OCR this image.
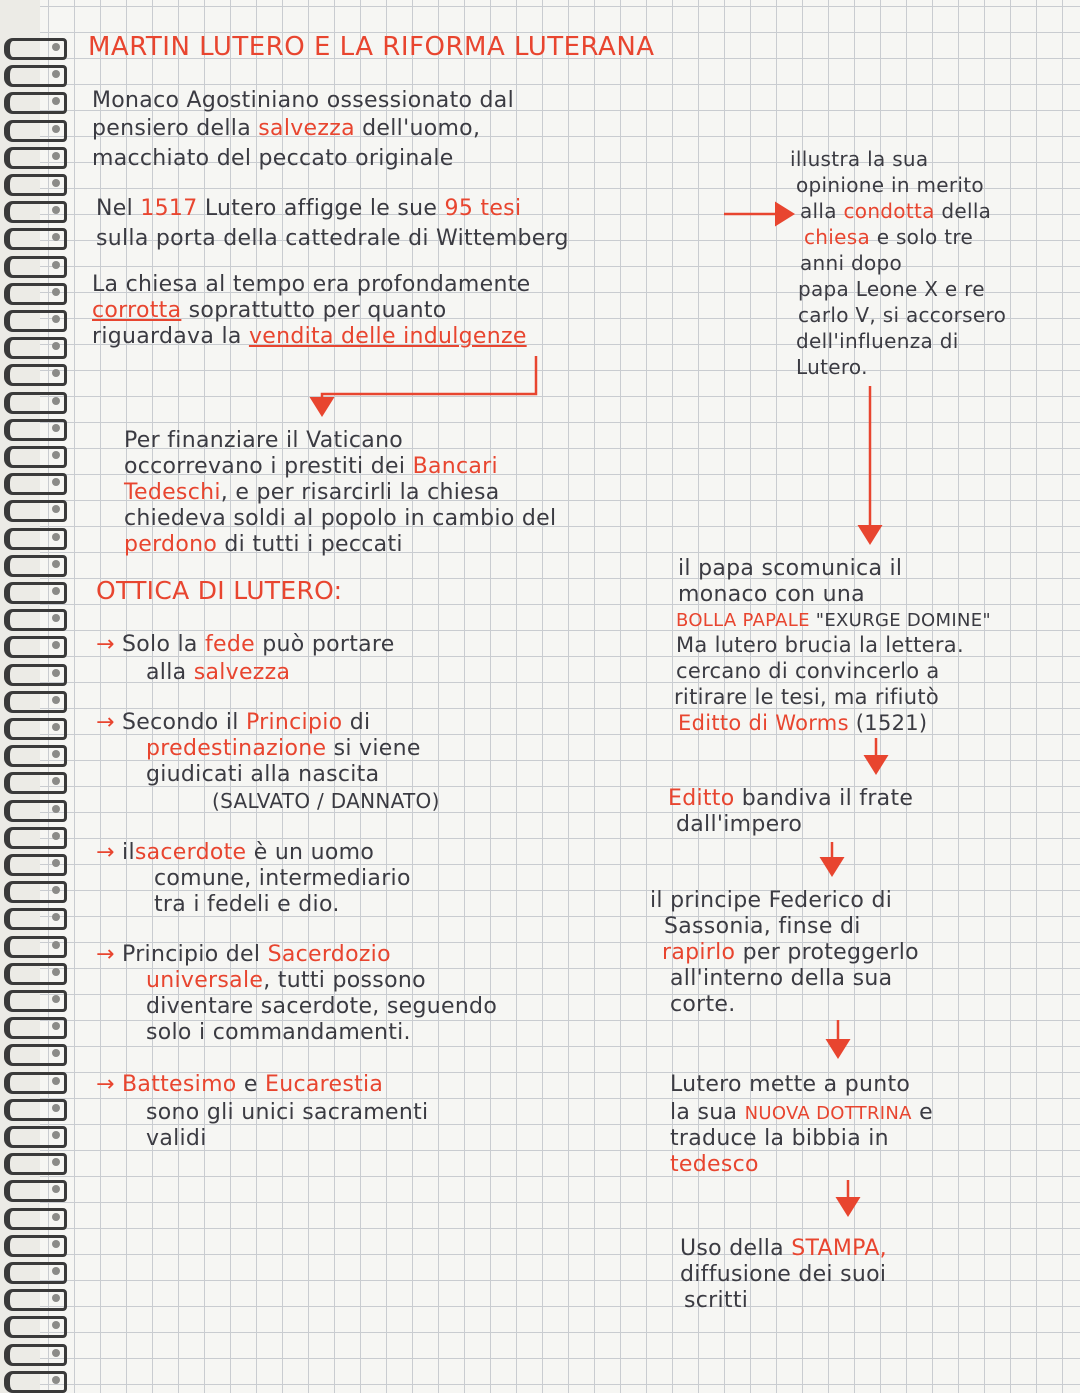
MARTIN LUTERO E LA RIFORMA LUTERANA
Monaco Agostiniano ossessionato dal
pensiero della salvezza dell'uomo,
macchiato del peccato originale
Nel 1517 Lutero affigge le sue 95 tesi
sulla porta della cattedrale di Wittemberg
La chiesa al tempo era profondamente
corrotta soprattutto per quanto
riguardava la vendita delle indulgenze
Per finanziare il Vaticano
occorrevano i prestiti dei Bancari
Tedeschi, e per risarcirli la chiesa
chiedeva soldi al popolo in cambio del
perdono di tutti i peccati
OTTICA DI LUTERO:
→ Solo la fede può portare
alla salvezza
→ Secondo il Principio di
predestinazione si viene
giudicati alla nascita
(SALVATO / DANNATO)
→ ilsacerdote è un uomo
comune, intermediario
tra i fedeli e dio.
→ Principio del Sacerdozio
universale, tutti possono
diventare sacerdote, seguendo
solo i commandamenti.
→ Battesimo e Eucarestia
sono gli unici sacramenti
validi
illustra la sua
opinione in merito
alla condotta della
chiesa e solo tre
anni dopo
papa Leone X e re
carlo V, si accorsero
dell'influenza di
Lutero.
il papa scomunica il
monaco con una
BOLLA PAPALE "EXURGE DOMINE"
Ma lutero brucia la lettera.
cercano di convincerlo a
ritirare le tesi, ma rifiutò
Editto di Worms (1521)
Editto bandiva il frate
dall'impero
il principe Federico di
Sassonia, finse di
rapirlo per proteggerlo
all'interno della sua
corte.
Lutero mette a punto
la sua NUOVA DOTTRINA e
traduce la bibbia in
tedesco
Uso della STAMPA,
diffusione dei suoi
scritti
